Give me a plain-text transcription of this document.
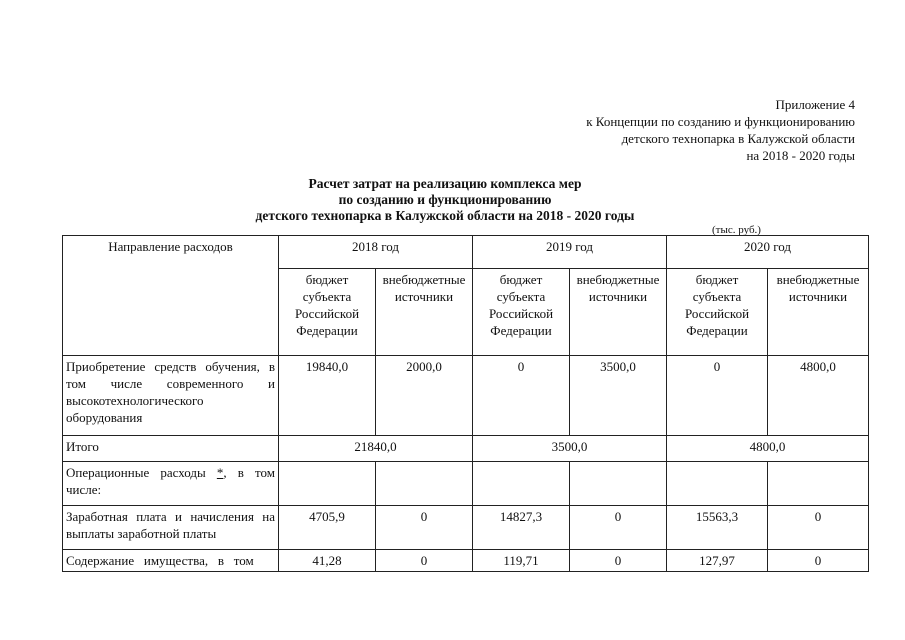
Приложение 4
к Концепции по созданию и функционированию
детского технопарка в Калужской области
на 2018 - 2020 годы
Расчет затрат на реализацию комплекса мер
по созданию и функционированию
детского технопарка в Калужской области на 2018 - 2020 годы
(тыс. руб.)
Направление расходов	2018 год		2019 год		2020 год	
	бюджет субъекта Российской Федерации	внебюджетные источники	бюджет субъекта Российской Федерации	внебюджетные источники	бюджет субъекта Российской Федерации	внебюджетные источники
Приобретение средств обучения, в том числе современного и высокотехнологического оборудования	19840,0	2000,0	0	3500,0	0	4800,0
Итого	21840,0		3500,0		4800,0	
Операционные расходы *, в том числе:						
Заработная плата и начисления на выплаты заработной платы	4705,9	0	14827,3	0	15563,3	0
Содержание   имущества,   в   том	41,28	0	119,71	0	127,97	0
